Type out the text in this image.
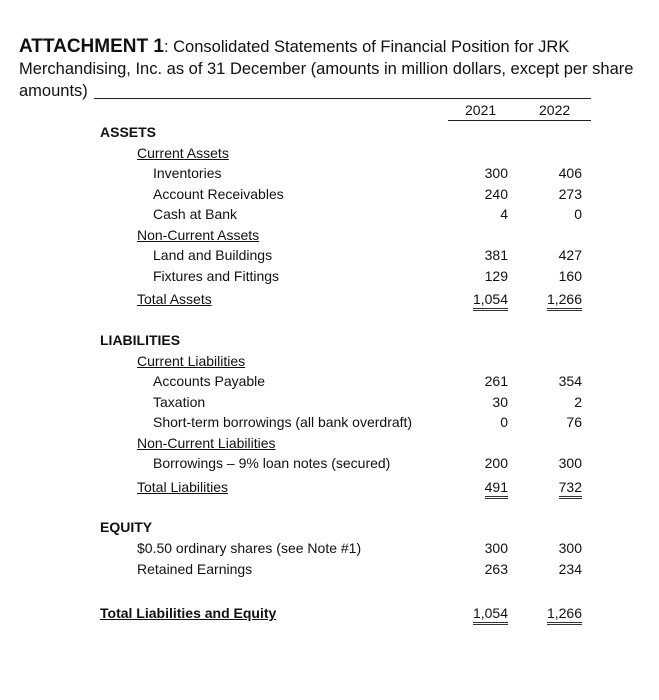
ATTACHMENT 1: Consolidated Statements of Financial Position for JRK Merchandising, Inc. as of 31 December (amounts in million dollars, except per share amounts)
2021	2022
ASSETS
Current Assets
Inventories	300	406
Account Receivables	240	273
Cash at Bank	4	0
Non-Current Assets
Land and Buildings	381	427
Fixtures and Fittings	129	160
Total Assets	1,054	1,266
LIABILITIES
Current Liabilities
Accounts Payable	261	354
Taxation	30	2
Short-term borrowings (all bank overdraft)	0	76
Non-Current Liabilities
Borrowings – 9% loan notes (secured)	200	300
Total Liabilities	491	732
EQUITY
$0.50 ordinary shares (see Note #1)	300	300
Retained Earnings	263	234
Total Liabilities and Equity	1,054	1,266
